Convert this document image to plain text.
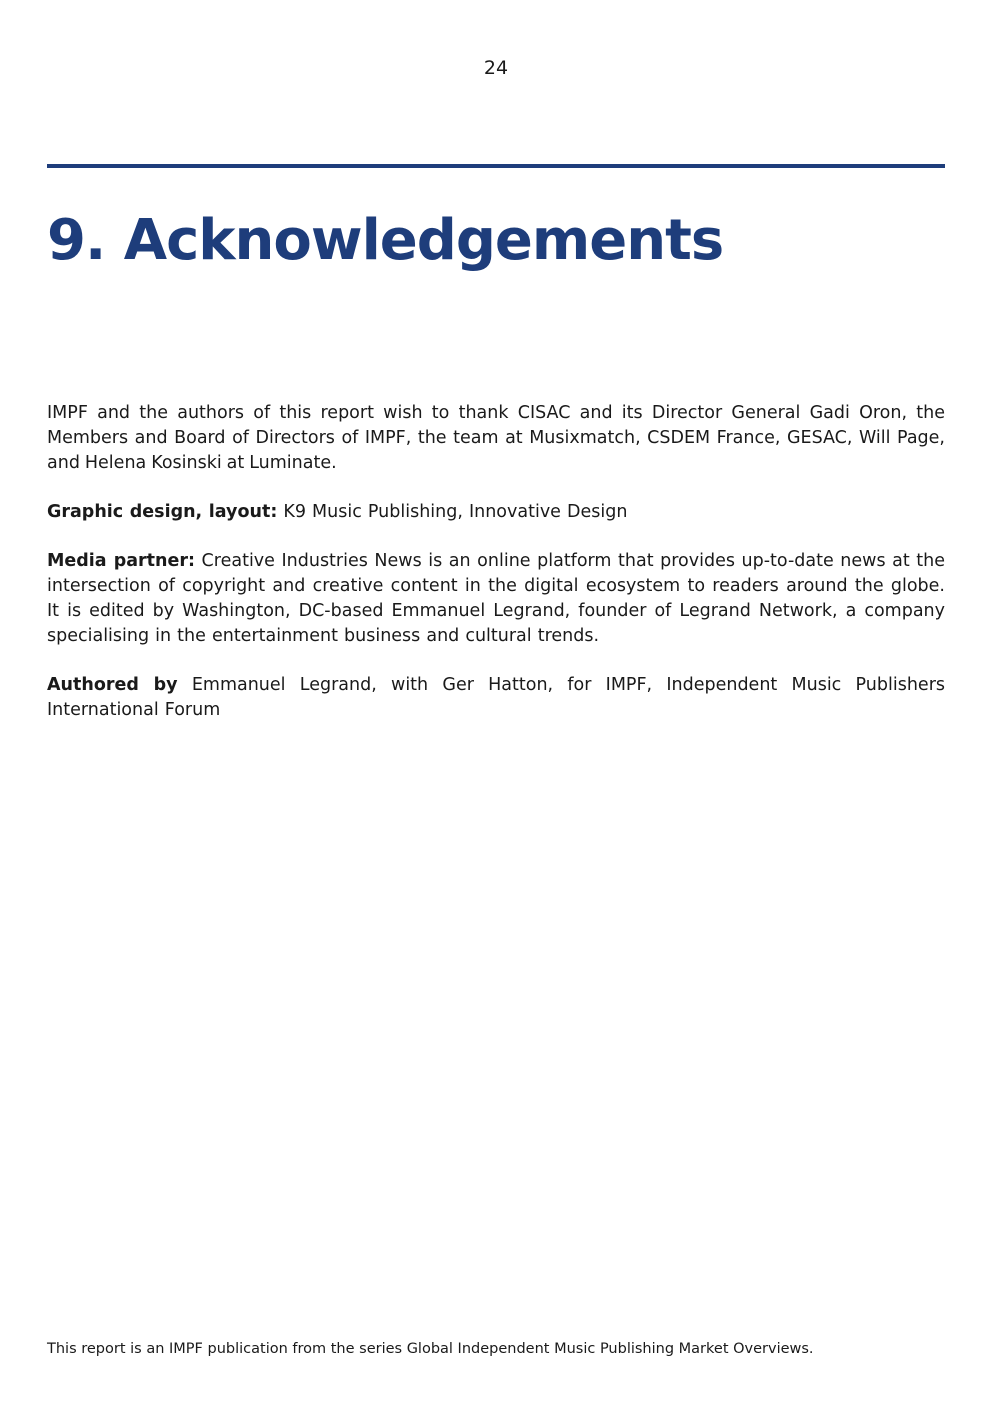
24
9. Acknowledgements

IMPF and the authors of this report wish to thank CISAC and its Director General Gadi Oron, the Members and Board of Directors of IMPF, the team at Musixmatch, CSDEM France, GESAC, Will Page, and Helena Kosinski at Luminate.

Graphic design, layout: K9 Music Publishing, Innovative Design

Media partner: Creative Industries News is an online platform that provides up-to-date news at the intersection of copyright and creative content in the digital ecosystem to readers around the globe. It is edited by Washington, DC-based Emmanuel Legrand, founder of Legrand Network, a company specialising in the entertainment business and cultural trends.

Authored by Emmanuel Legrand, with Ger Hatton, for IMPF, Independent Music Publishers International Forum

This report is an IMPF publication from the series Global Independent Music Publishing Market Overviews.
